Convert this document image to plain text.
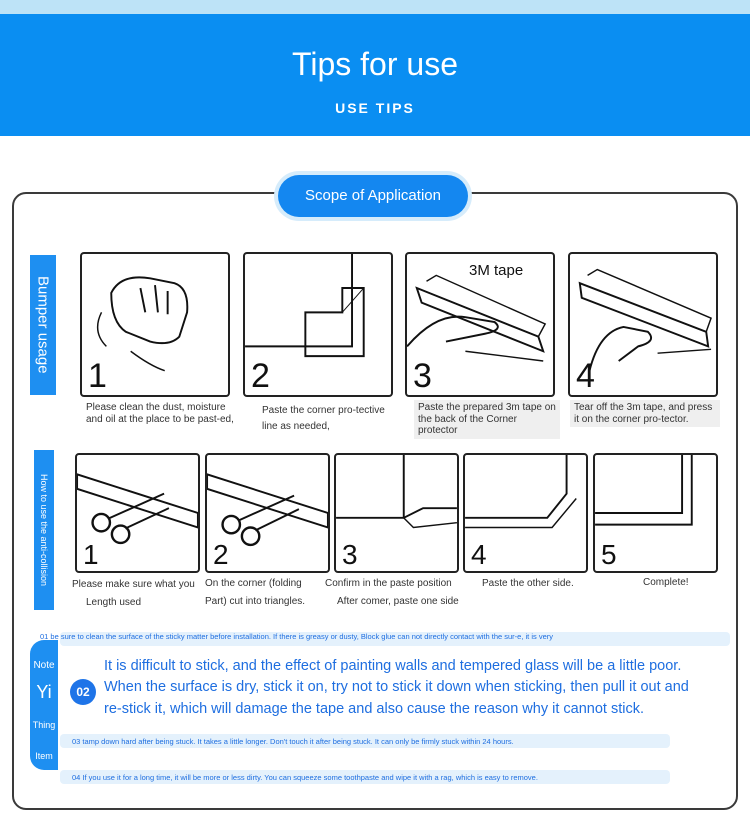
Tips for use
USE TIPS
Scope of Application
Bumper usage
1	2
3M tape
3	4
Please clean the dust, moisture and oil at the place to be past-ed,
Paste the corner pro-tective line as needed,
Paste the prepared 3m tape on the back of the Corner protector
Tear off the 3m tape, and press it on the corner pro-tector.
How to use the anti-collision 1	2	3	4	5
Please make sure what you
Length used
On the corner (folding
Part) cut into triangles.
Confirm in the paste position
After comer, paste one side
Paste the other side.	Complete!
Note
Yi
Thing
Item
01 be sure to clean the surface of the sticky matter before installation. If there is greasy or dusty, Block glue can not directly contact with the sur-e, it is very
It is difficult to stick, and the effect of painting walls and tempered glass will be a little poor.
02 When the surface is dry, stick it on, try not to stick it down when sticking, then pull it out and
re-stick it, which will damage the tape and also cause the reason why it cannot stick.
03 tamp down hard after being stuck. It takes a little longer. Don't touch it after being stuck. It can only be firmly stuck within 24 hours.
04 If you use it for a long time, it will be more or less dirty. You can squeeze some toothpaste and wipe it with a rag, which is easy to remove.
